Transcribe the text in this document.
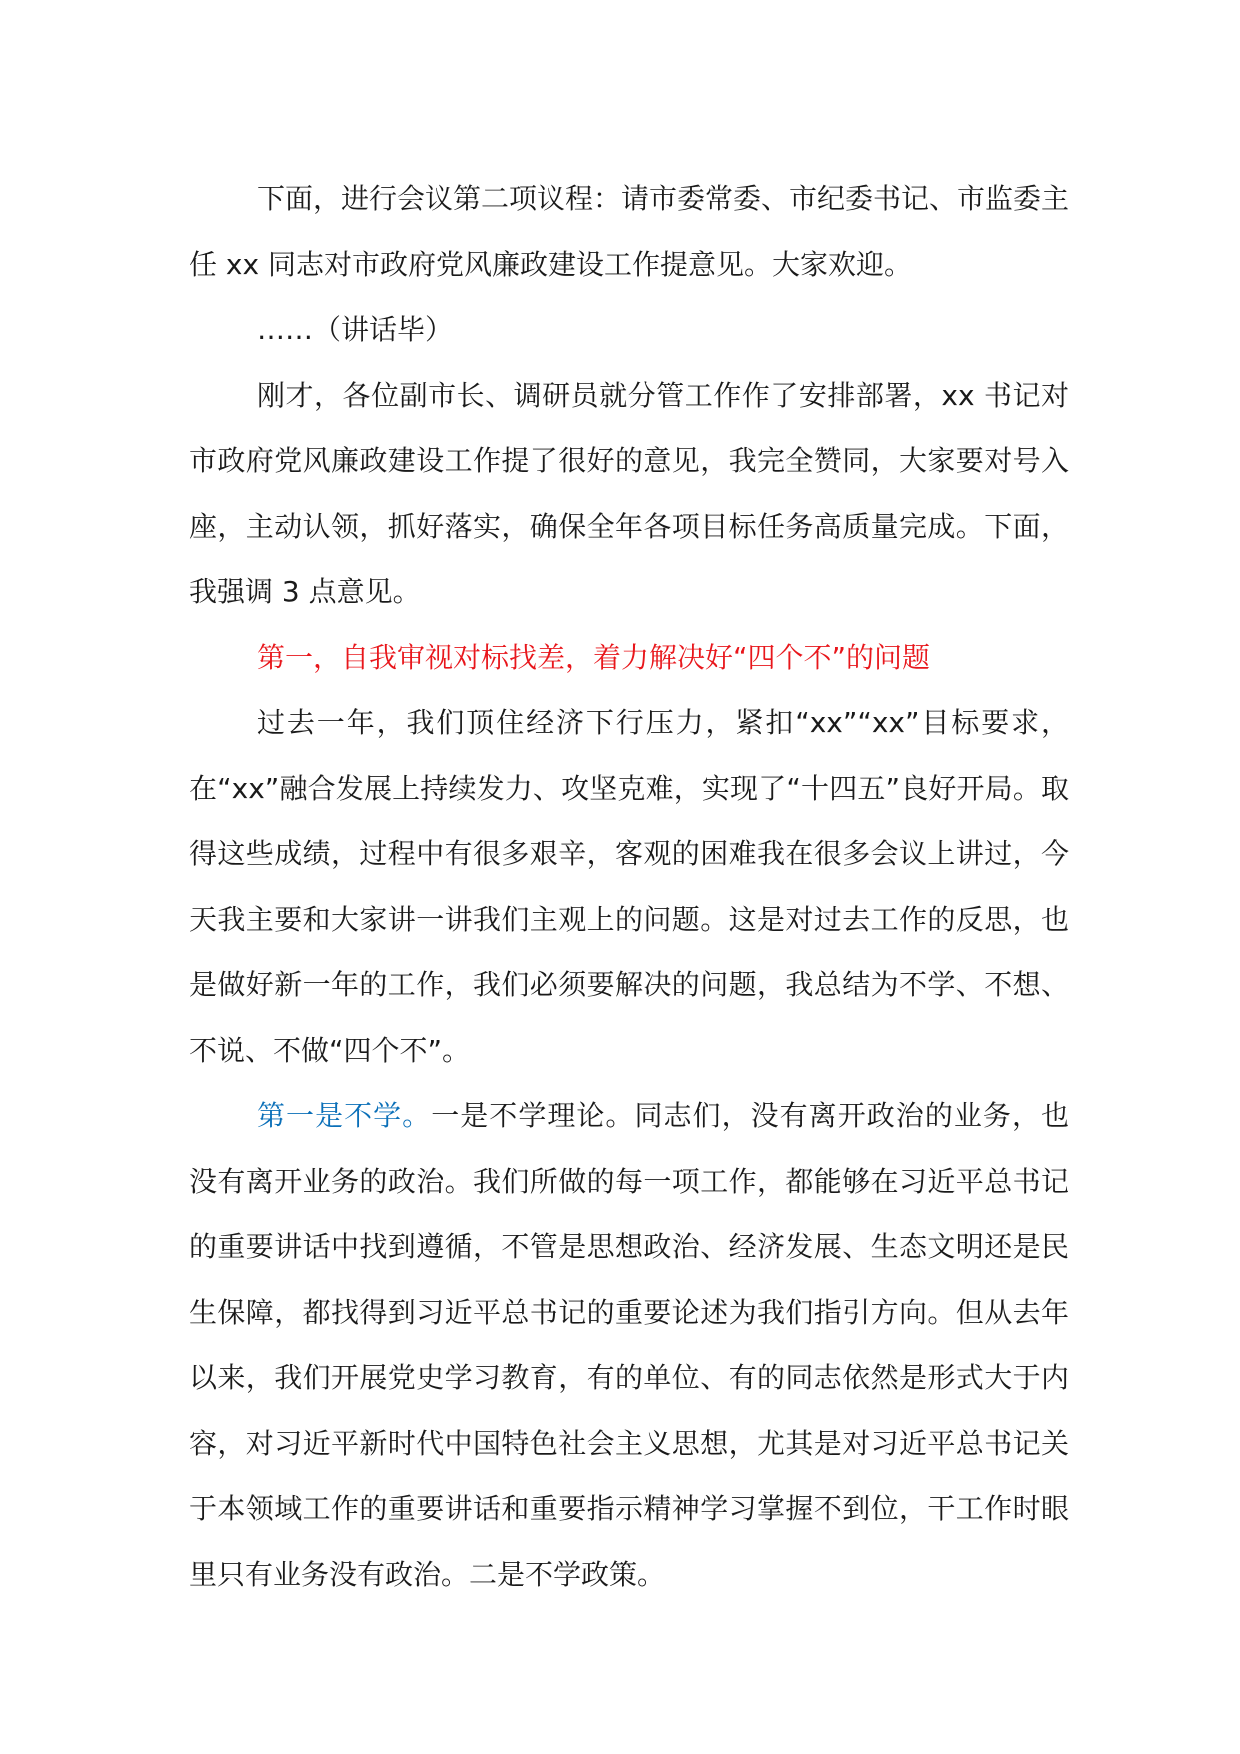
下面，进行会议第二项议程：请市委常委、市纪委书记、市监委主任 xx 同志对市政府党风廉政建设工作提意见。大家欢迎。

……（讲话毕）

刚才，各位副市长、调研员就分管工作作了安排部署，xx 书记对市政府党风廉政建设工作提了很好的意见，我完全赞同，大家要对号入座，主动认领，抓好落实，确保全年各项目标任务高质量完成。下面，我强调 3 点意见。

第一，自我审视对标找差，着力解决好“四个不”的问题

过去一年，我们顶住经济下行压力，紧扣“xx”“xx”目标要求，在“xx”融合发展上持续发力、攻坚克难，实现了“十四五”良好开局。取得这些成绩，过程中有很多艰辛，客观的困难我在很多会议上讲过，今天我主要和大家讲一讲我们主观上的问题。这是对过去工作的反思，也是做好新一年的工作，我们必须要解决的问题，我总结为不学、不想、不说、不做“四个不”。

第一是不学。一是不学理论。同志们，没有离开政治的业务，也没有离开业务的政治。我们所做的每一项工作，都能够在习近平总书记的重要讲话中找到遵循，不管是思想政治、经济发展、生态文明还是民生保障，都找得到习近平总书记的重要论述为我们指引方向。但从去年以来，我们开展党史学习教育，有的单位、有的同志依然是形式大于内容，对习近平新时代中国特色社会主义思想，尤其是对习近平总书记关于本领域工作的重要讲话和重要指示精神学习掌握不到位，干工作时眼里只有业务没有政治。二是不学政策。
